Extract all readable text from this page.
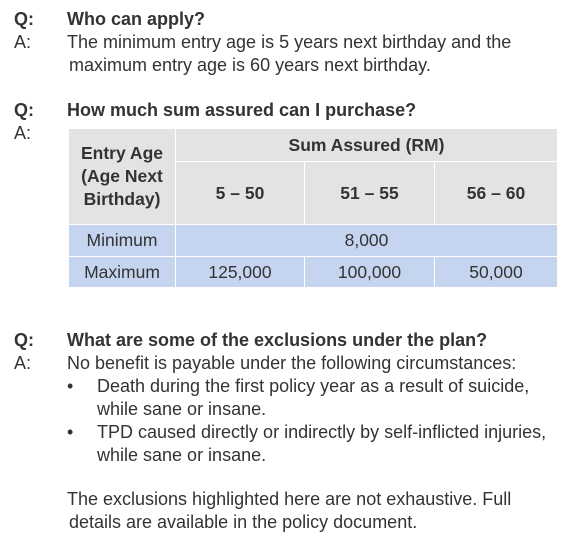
Q: Who can apply?
A: The minimum entry age is 5 years next birthday and the
maximum entry age is 60 years next birthday.
Q: How much sum assured can I purchase?
A:
Entry Age
(Age Next
Birthday)	Sum Assured (RM)		
	5 – 50	51 – 55	56 – 60
Minimum	8,000		
Maximum	125,000	100,000	50,000
Q: What are some of the exclusions under the plan?
A: No benefit is payable under the following circumstances:
• Death during the first policy year as a result of suicide,
while sane or insane.
• TPD caused directly or indirectly by self-inflicted injuries,
while sane or insane.
The exclusions highlighted here are not exhaustive. Full
details are available in the policy document.
